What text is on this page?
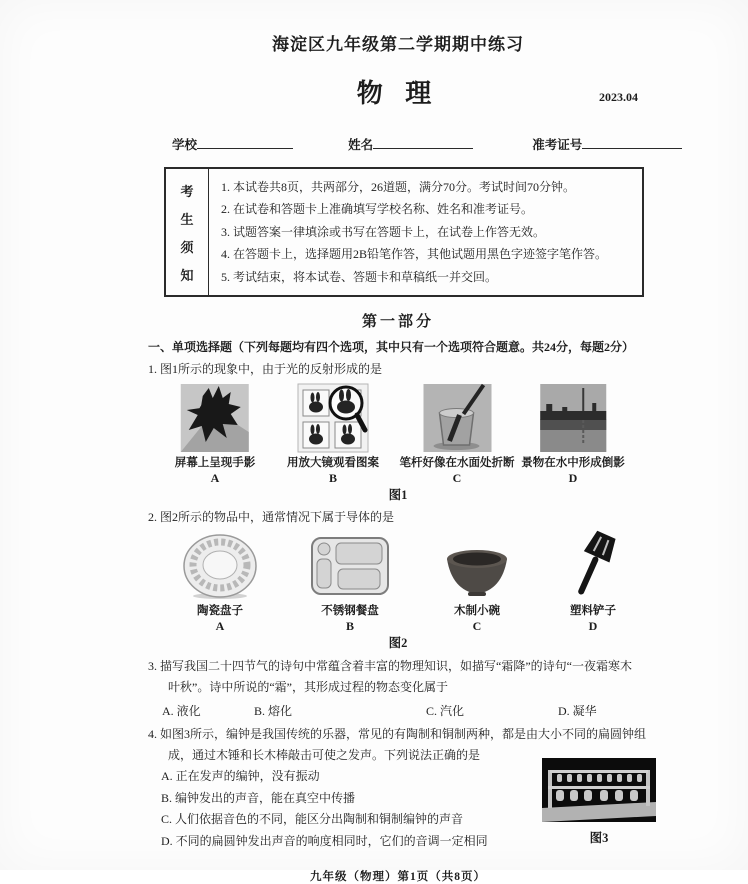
海淀区九年级第二学期期中练习
物 理	2023.04
学校	姓名	准考证号
考
生
须
知
1. 本试卷共8页，共两部分，26道题，满分70分。考试时间70分钟。
2. 在试卷和答题卡上准确填写学校名称、姓名和准考证号。
3. 试题答案一律填涂或书写在答题卡上，在试卷上作答无效。
4. 在答题卡上，选择题用2B铅笔作答，其他试题用黑色字迹签字笔作答。
5. 考试结束，将本试卷、答题卡和草稿纸一并交回。
第一部分
一、单项选择题（下列每题均有四个选项，其中只有一个选项符合题意。共24分，每题2分）
1. 图1所示的现象中，由于光的反射形成的是
屏幕上呈现手影
A
用放大镜观看图案
B
笔杆好像在水面处折断
C
景物在水中形成倒影
D
图1
2. 图2所示的物品中，通常情况下属于导体的是
陶瓷盘子
A
不锈钢餐盘
B
木制小碗
C
塑料铲子
D
图2
3. 描写我国二十四节气的诗句中常蕴含着丰富的物理知识，如描写“霜降”的诗句“一夜霜寒木
叶秋”。诗中所说的“霜”，其形成过程的物态变化属于
A. 液化	B. 熔化	C. 汽化	D. 凝华
4. 如图3所示，编钟是我国传统的乐器，常见的有陶制和铜制两种，都是由大小不同的扁圆钟组
成，通过木锤和长木棒敲击可使之发声。下列说法正确的是
A. 正在发声的编钟，没有振动
B. 编钟发出的声音，能在真空中传播
C. 人们依据音色的不同，能区分出陶制和铜制编钟的声音
D. 不同的扁圆钟发出声音的响度相同时，它们的音调一定相同	图3
九年级（物理）第1页（共8页）
